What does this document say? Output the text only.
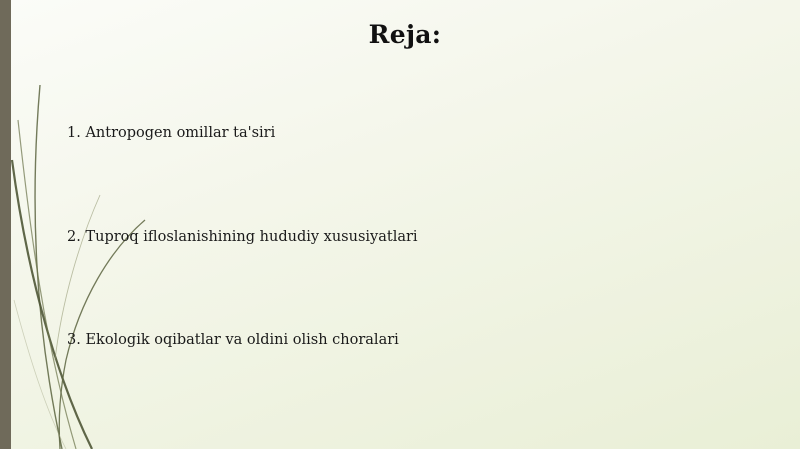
Reja:
1. Antropogen omillar ta'siri
2. Tuproq ifloslanishining hududiy xususiyatlari
3. Ekologik oqibatlar va oldini olish choralari
